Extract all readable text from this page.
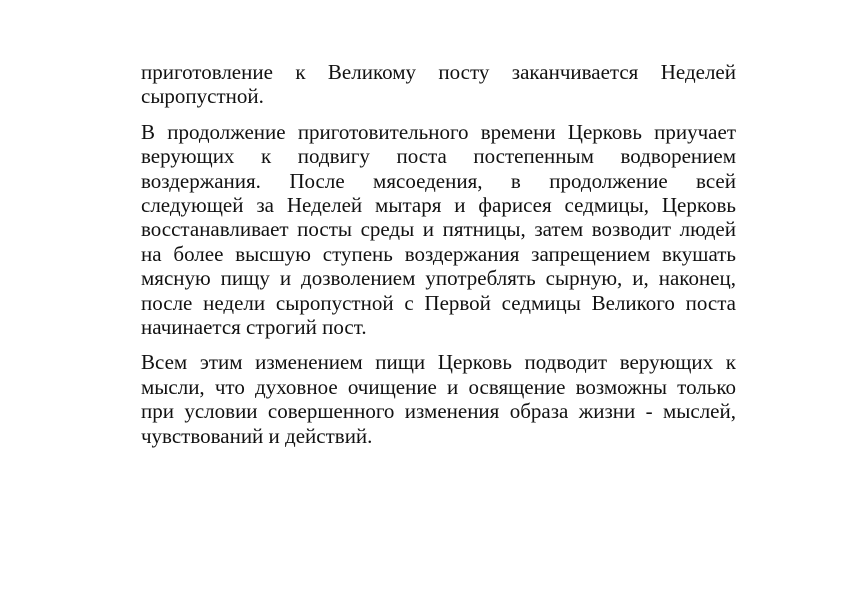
приготовление к Великому посту заканчивается Неделей
сыропустной.

В продолжение приготовительного времени Церковь приучает
верующих к подвигу поста постепенным водворением
воздержания. После мясоедения, в продолжение всей
следующей за Неделей мытаря и фарисея седмицы, Церковь
восстанавливает посты среды и пятницы, затем возводит людей
на более высшую ступень воздержания запрещением вкушать
мясную пищу и дозволением употреблять сырную, и, наконец,
после недели сыропустной с Первой седмицы Великого поста
начинается строгий пост.

Всем этим изменением пищи Церковь подводит верующих к
мысли, что духовное очищение и освящение возможны только
при условии совершенного изменения образа жизни - мыслей,
чувствований и действий.
